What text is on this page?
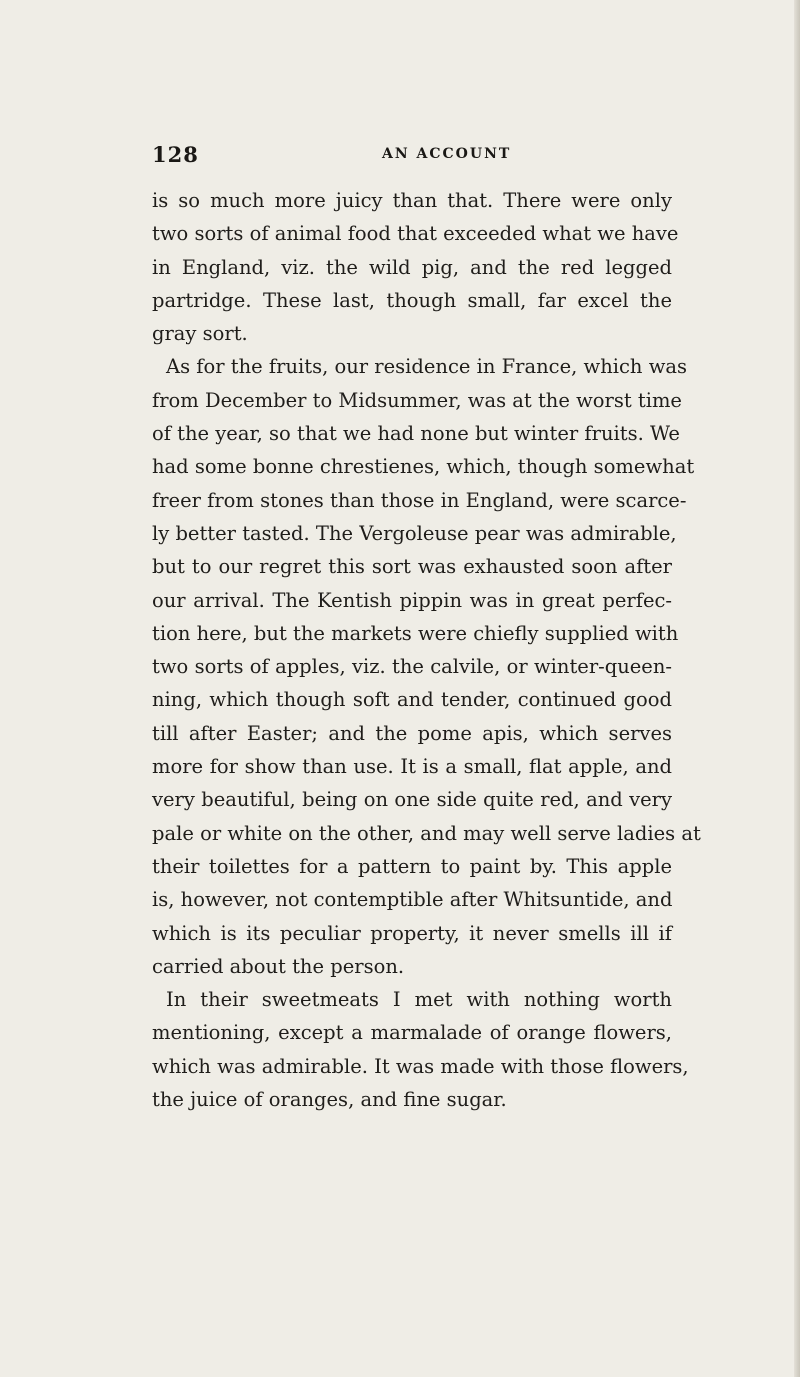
128	AN ACCOUNT
is so much more juicy than that. There were only
two sorts of animal food that exceeded what we have
in England, viz. the wild pig, and the red legged
partridge. These last, though small, far excel the
gray sort.
As for the fruits, our residence in France, which was
from December to Midsummer, was at the worst time
of the year, so that we had none but winter fruits. We
had some bonne chrestienes, which, though somewhat
freer from stones than those in England, were scarce-
ly better tasted. The Vergoleuse pear was admirable,
but to our regret this sort was exhausted soon after
our arrival. The Kentish pippin was in great perfec-
tion here, but the markets were chiefly supplied with
two sorts of apples, viz. the calvile, or winter-queen-
ning, which though soft and tender, continued good
till after Easter; and the pome apis, which serves
more for show than use. It is a small, flat apple, and
very beautiful, being on one side quite red, and very
pale or white on the other, and may well serve ladies at
their toilettes for a pattern to paint by. This apple
is, however, not contemptible after Whitsuntide, and
which is its peculiar property, it never smells ill if
carried about the person.
In their sweetmeats I met with nothing worth
mentioning, except a marmalade of orange flowers,
which was admirable. It was made with those flowers,
the juice of oranges, and fine sugar.
